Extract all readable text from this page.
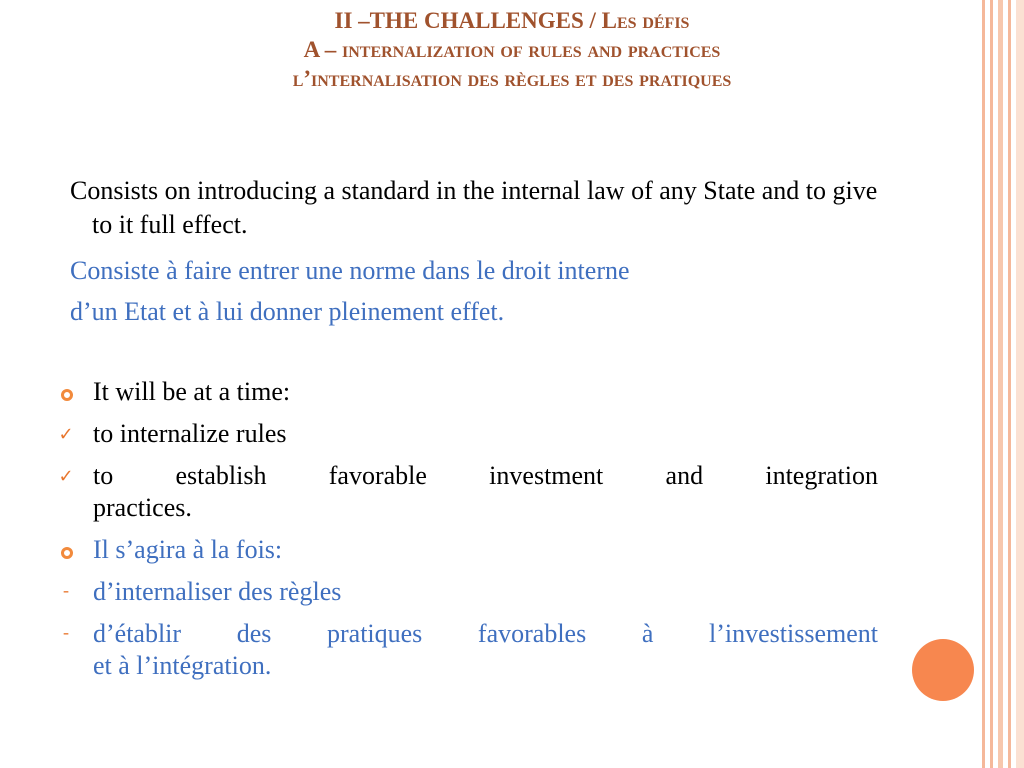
II –THE CHALLENGES / Les défis
A – internalization of rules and practices
l’internalisation des règles et des pratiques

Consists on introducing a standard in the internal law of any State and to give to it full effect.

Consiste à faire entrer une norme dans le droit interne
d’un Etat et à lui donner pleinement effet.

It will be at a time:
✓ to internalize rules
✓ to establish favorable investment and integration
practices.
Il s’agira à la fois:
- d’internaliser des règles
- d’établir des pratiques favorables à l’investissement
et à l’intégration.
